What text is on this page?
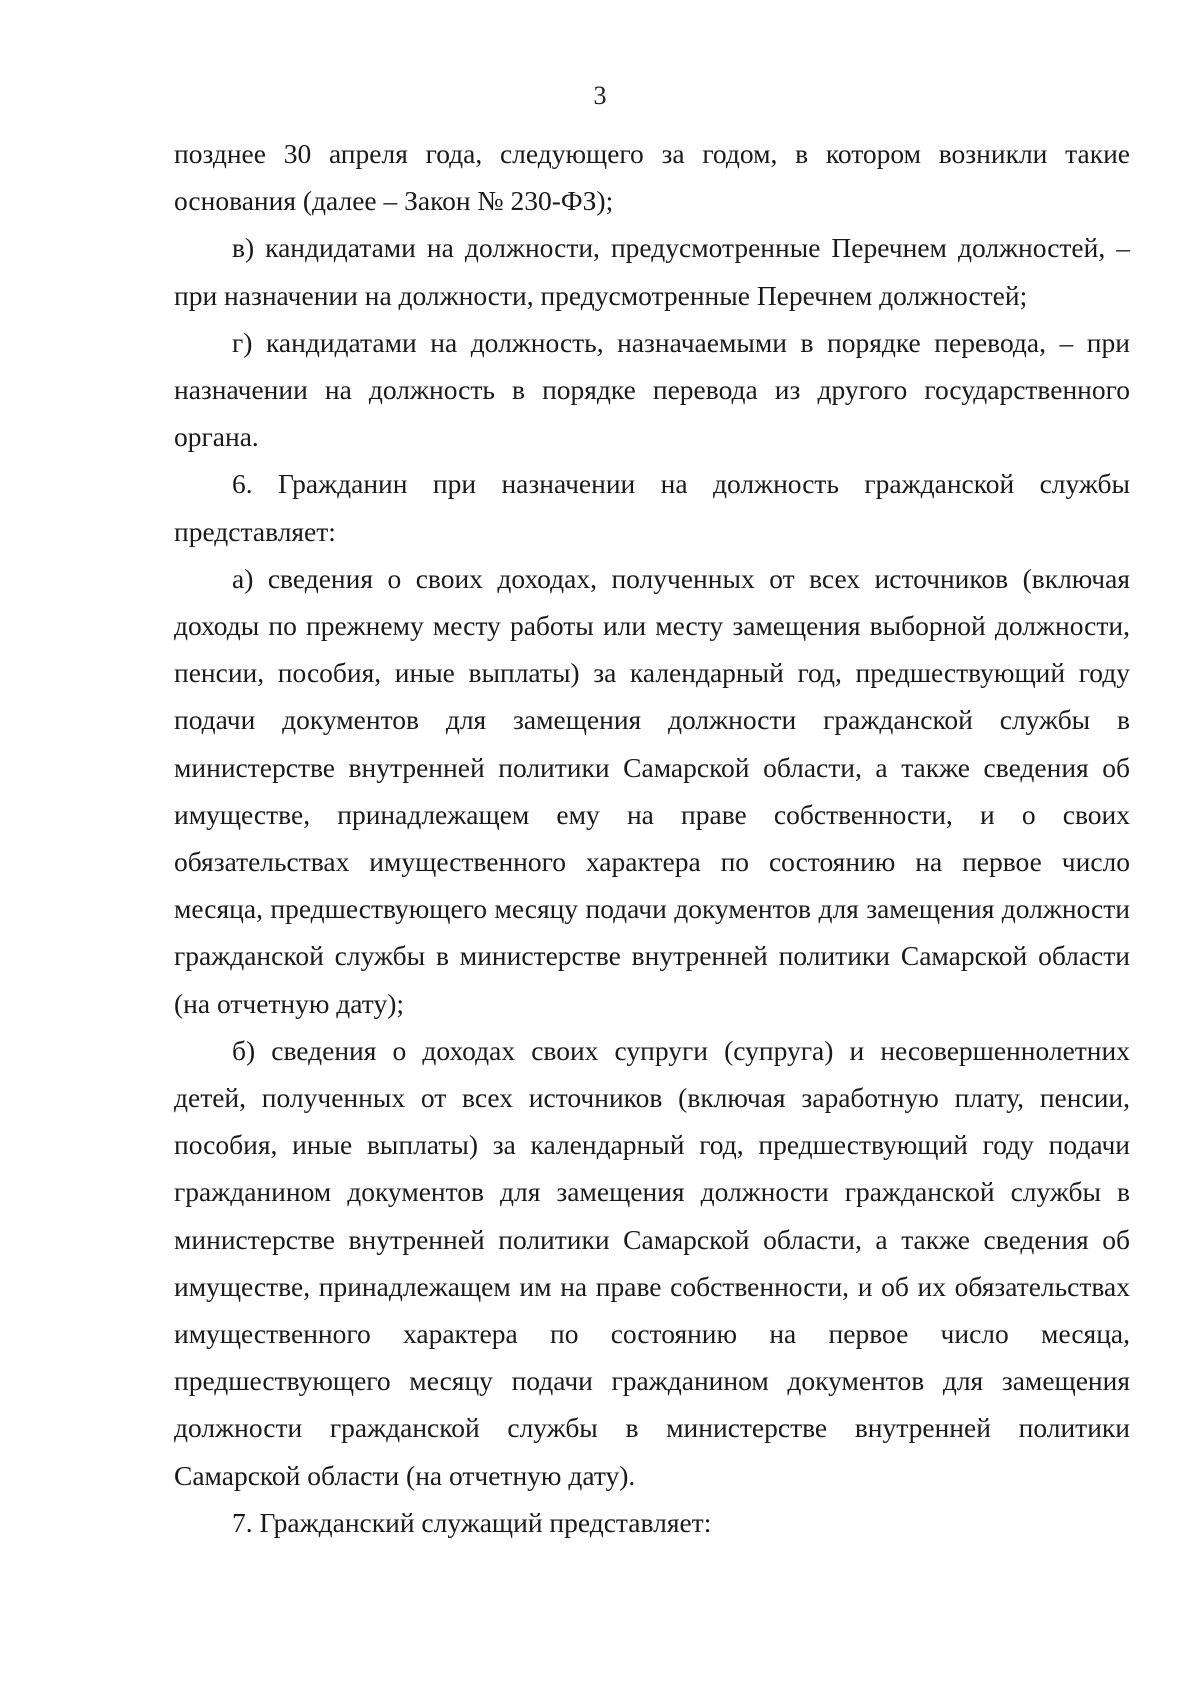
3

позднее 30 апреля года, следующего за годом, в котором возникли такие основания (далее – Закон № 230-ФЗ);

в) кандидатами на должности, предусмотренные Перечнем должностей, – при назначении на должности, предусмотренные Перечнем должностей;

г) кандидатами на должность, назначаемыми в порядке перевода, – при назначении на должность в порядке перевода из другого государственного органа.

6. Гражданин при назначении на должность гражданской службы представляет:

а) сведения о своих доходах, полученных от всех источников (включая доходы по прежнему месту работы или месту замещения выборной должности, пенсии, пособия, иные выплаты) за календарный год, предшествующий году подачи документов для замещения должности гражданской службы в министерстве внутренней политики Самарской области, а также сведения об имуществе, принадлежащем ему на праве собственности, и о своих обязательствах имущественного характера по состоянию на первое число месяца, предшествующего месяцу подачи документов для замещения должности гражданской службы в министерстве внутренней политики Самарской области (на отчетную дату);

б) сведения о доходах своих супруги (супруга) и несовершеннолетних детей, полученных от всех источников (включая заработную плату, пенсии, пособия, иные выплаты) за календарный год, предшествующий году подачи гражданином документов для замещения должности гражданской службы в министерстве внутренней политики Самарской области, а также сведения об имуществе, принадлежащем им на праве собственности, и об их обязательствах имущественного характера по состоянию на первое число месяца, предшествующего месяцу подачи гражданином документов для замещения должности гражданской службы в министерстве внутренней политики Самарской области (на отчетную дату).

7. Гражданский служащий представляет:
